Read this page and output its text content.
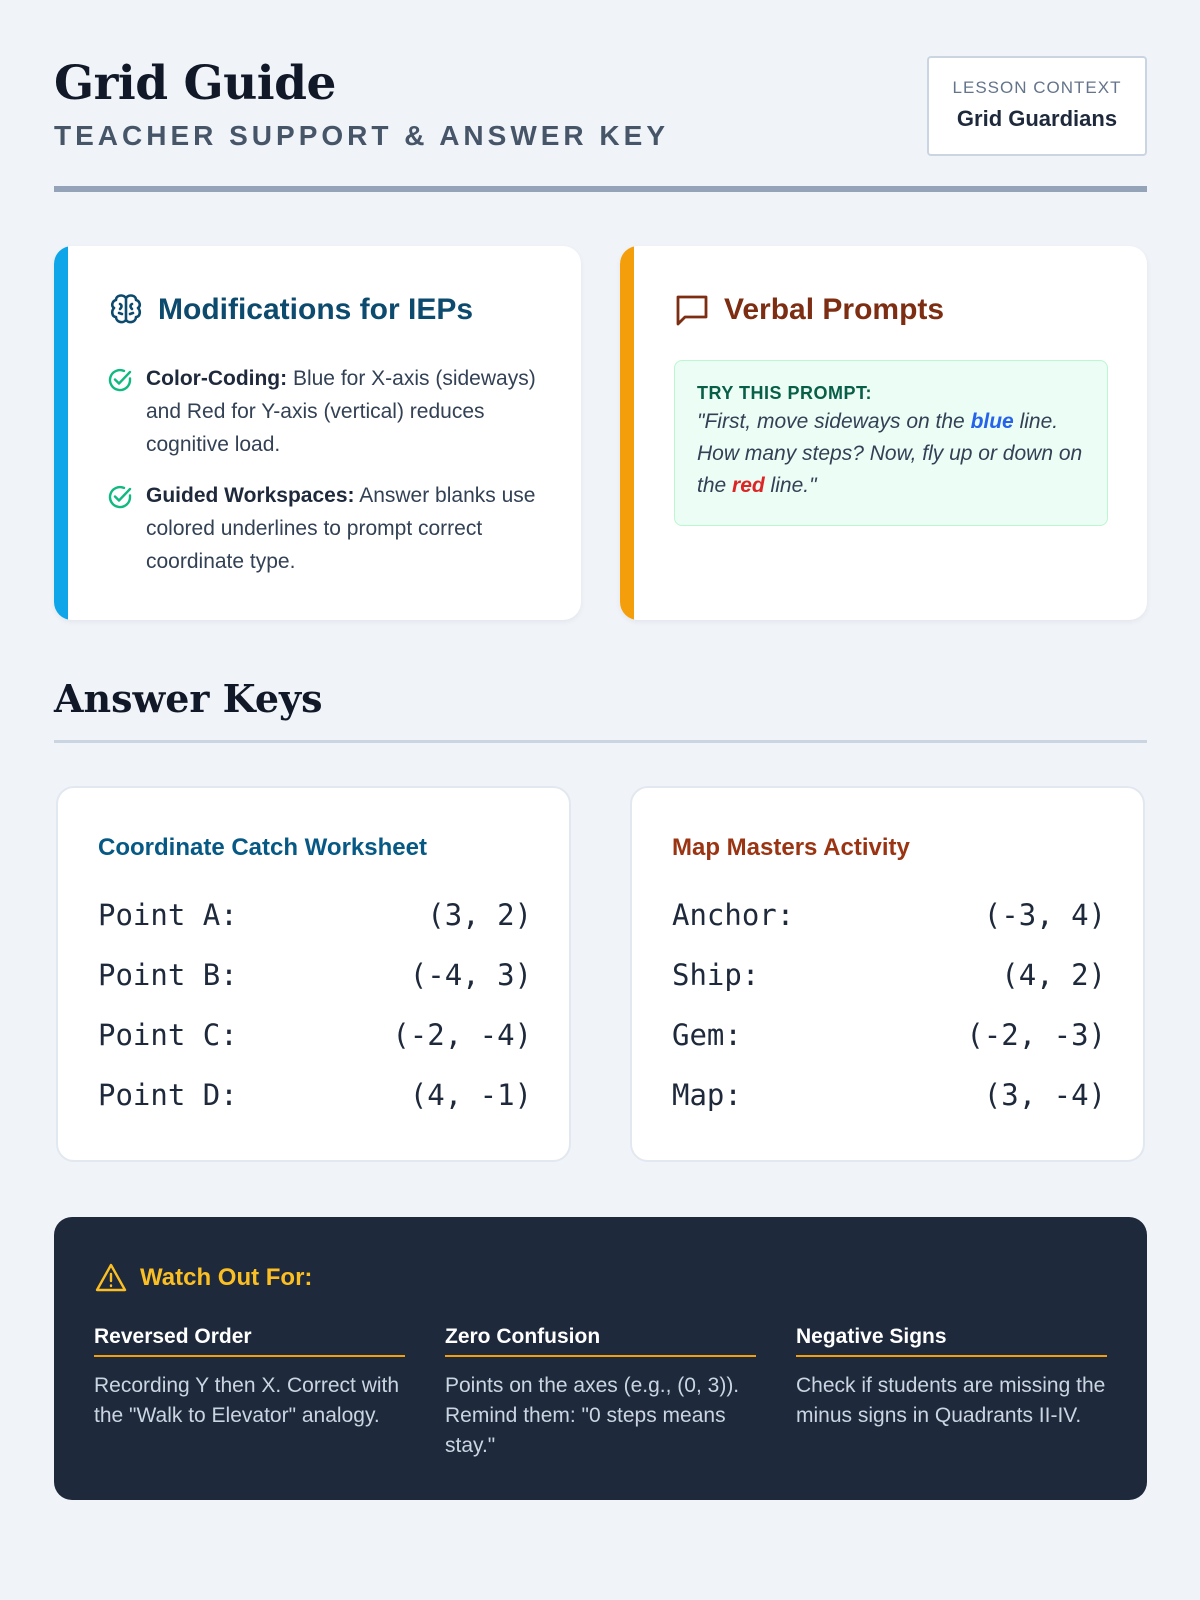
Grid Guide
TEACHER SUPPORT & ANSWER KEY
LESSON CONTEXT
Grid Guardians
Modifications for IEPs
Color-Coding: Blue for X-axis (sideways) and Red for Y-axis (vertical) reduces cognitive load.
Guided Workspaces: Answer blanks use colored underlines to prompt correct coordinate type.
Verbal Prompts
TRY THIS PROMPT:
"First, move sideways on the blue line. How many steps? Now, fly up or down on the red line."
Answer Keys
Coordinate Catch Worksheet
Point A:	(3, 2)
Point B:	(-4, 3)
Point C:	(-2, -4)
Point D:	(4, -1)
Map Masters Activity
Anchor:	(-3, 4)
Ship:	(4, 2)
Gem:	(-2, -3)
Map:	(3, -4)
Watch Out For:
Reversed Order

Recording Y then X. Correct with the "Walk to Elevator" analogy.

Zero Confusion

Points on the axes (e.g., (0, 3)). Remind them: "0 steps means stay."

Negative Signs

Check if students are missing the minus signs in Quadrants II-IV.
